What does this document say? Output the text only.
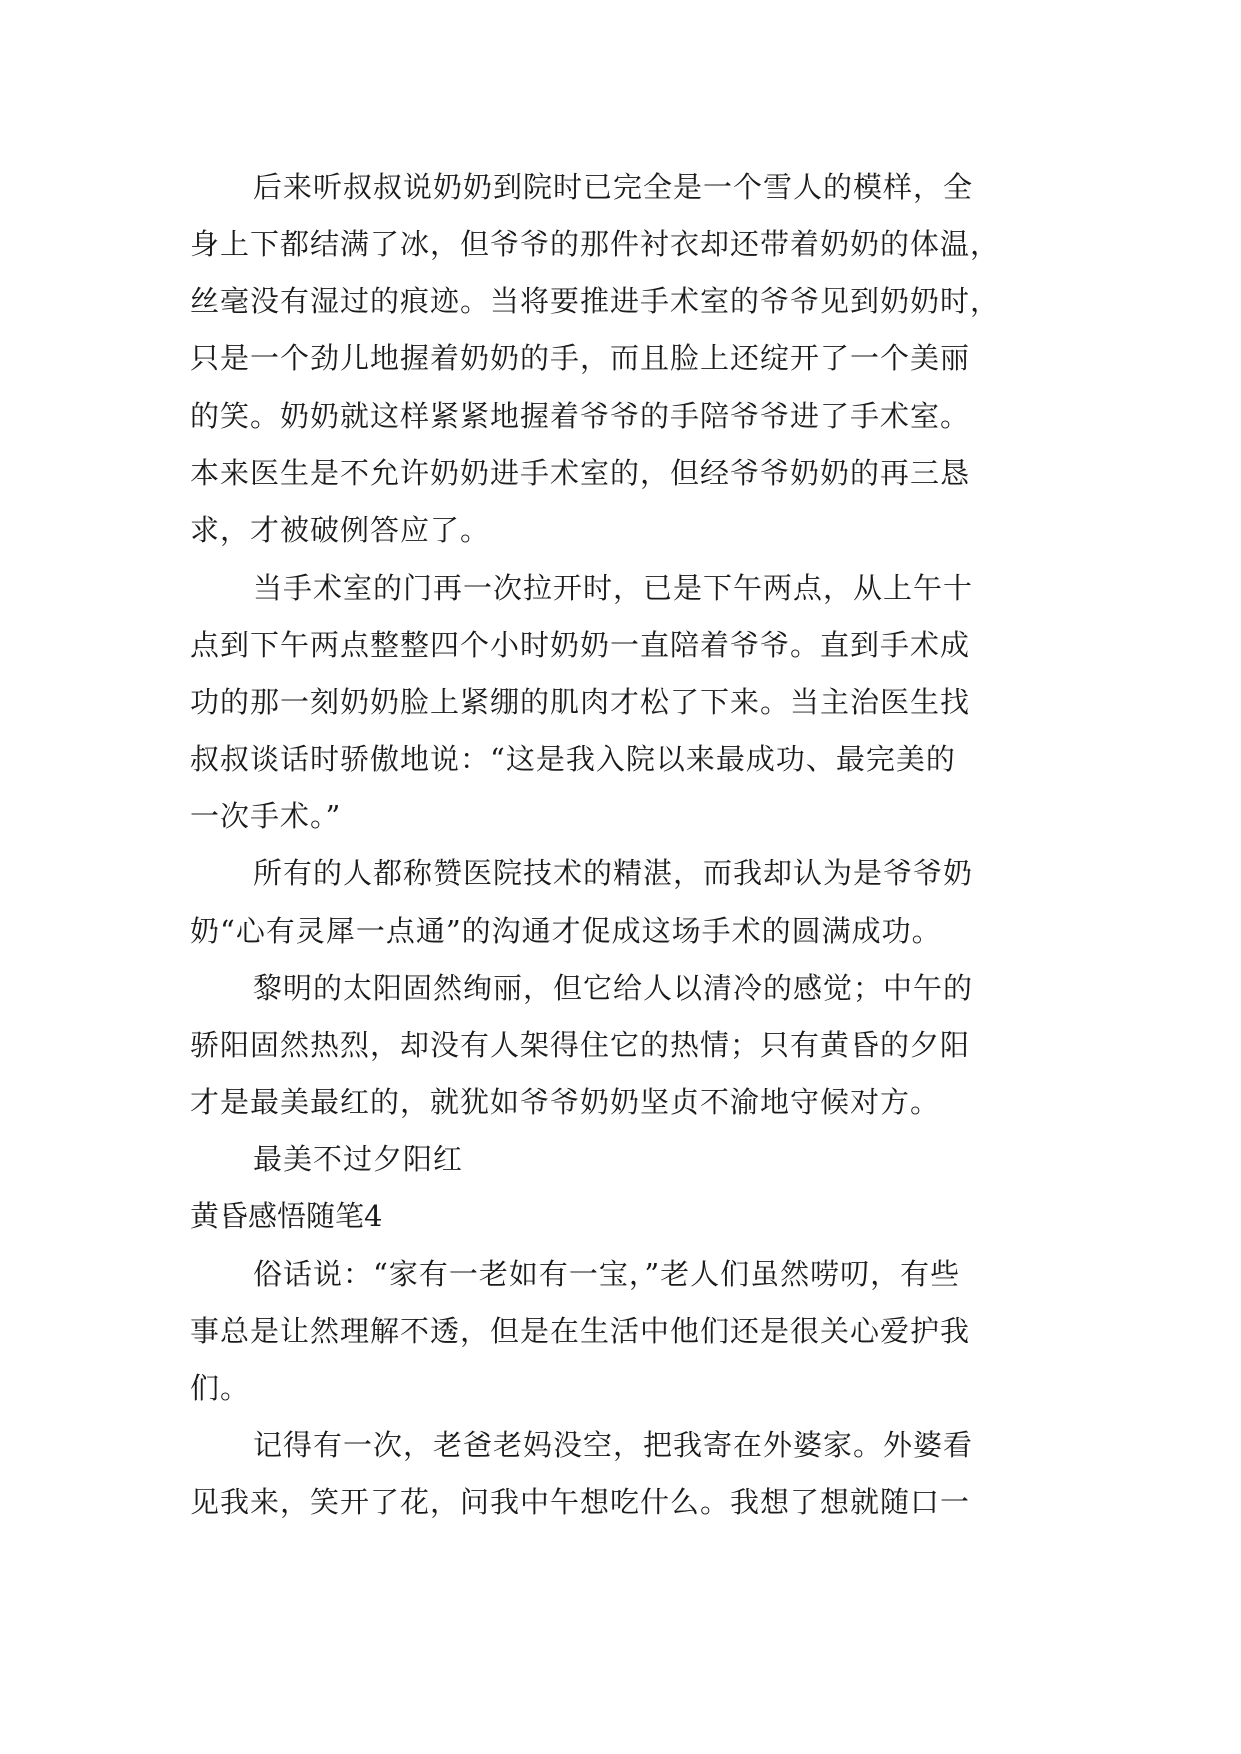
后来听叔叔说奶奶到院时已完全是一个雪人的模样，全
身上下都结满了冰，但爷爷的那件衬衣却还带着奶奶的体温，
丝毫没有湿过的痕迹。当将要推进手术室的爷爷见到奶奶时，
只是一个劲儿地握着奶奶的手，而且脸上还绽开了一个美丽
的笑。奶奶就这样紧紧地握着爷爷的手陪爷爷进了手术室。
本来医生是不允许奶奶进手术室的，但经爷爷奶奶的再三恳
求，才被破例答应了。
当手术室的门再一次拉开时，已是下午两点，从上午十
点到下午两点整整四个小时奶奶一直陪着爷爷。直到手术成
功的那一刻奶奶脸上紧绷的肌肉才松了下来。当主治医生找
叔叔谈话时骄傲地说：“这是我入院以来最成功、最完美的
一次手术。”
所有的人都称赞医院技术的精湛，而我却认为是爷爷奶
奶“心有灵犀一点通”的沟通才促成这场手术的圆满成功。
黎明的太阳固然绚丽，但它给人以清冷的感觉；中午的
骄阳固然热烈，却没有人架得住它的热情；只有黄昏的夕阳
才是最美最红的，就犹如爷爷奶奶坚贞不渝地守候对方。
最美不过夕阳红
黄昏感悟随笔4
俗话说：“家有一老如有一宝，”老人们虽然唠叨，有些
事总是让然理解不透，但是在生活中他们还是很关心爱护我
们。
记得有一次，老爸老妈没空，把我寄在外婆家。外婆看
见我来，笑开了花，问我中午想吃什么。我想了想就随口一
